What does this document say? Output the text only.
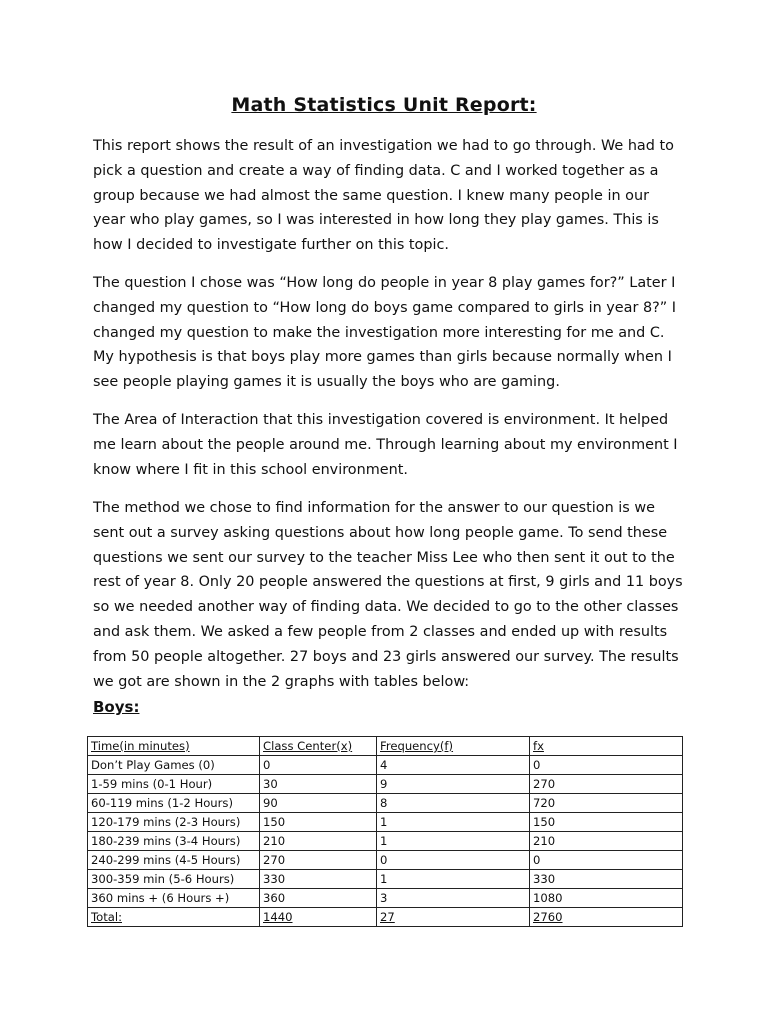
Math Statistics Unit Report:

This report shows the result of an investigation we had to go through. We had to pick a question and create a way of finding data. C and I worked together as a group because we had almost the same question. I knew many people in our year who play games, so I was interested in how long they play games. This is how I decided to investigate further on this topic.

The question I chose was “How long do people in year 8 play games for?” Later I changed my question to “How long do boys game compared to girls in year 8?” I changed my question to make the investigation more interesting for me and C. My hypothesis is that boys play more games than girls because normally when I see people playing games it is usually the boys who are gaming.

The Area of Interaction that this investigation covered is environment. It helped me learn about the people around me. Through learning about my environment I know where I fit in this school environment.

The method we chose to find information for the answer to our question is we sent out a survey asking questions about how long people game. To send these questions we sent our survey to the teacher Miss Lee who then sent it out to the rest of year 8. Only 20 people answered the questions at first, 9 girls and 11 boys so we needed another way of finding data. We decided to go to the other classes and ask them. We asked a few people from 2 classes and ended up with results from 50 people altogether. 27 boys and 23 girls answered our survey. The results we got are shown in the 2 graphs with tables below:

Boys:
Time(in minutes)	Class Center(x)	Frequency(f)	fx
Don’t Play Games (0)	0	4	0
1-59 mins (0-1 Hour)	30	9	270
60-119 mins (1-2 Hours)	90	8	720
120-179 mins (2-3 Hours)	150	1	150
180-239 mins (3-4 Hours)	210	1	210
240-299 mins (4-5 Hours)	270	0	0
300-359 min (5-6 Hours)	330	1	330
360 mins + (6 Hours +)	360	3	1080
Total:	1440	27	2760
